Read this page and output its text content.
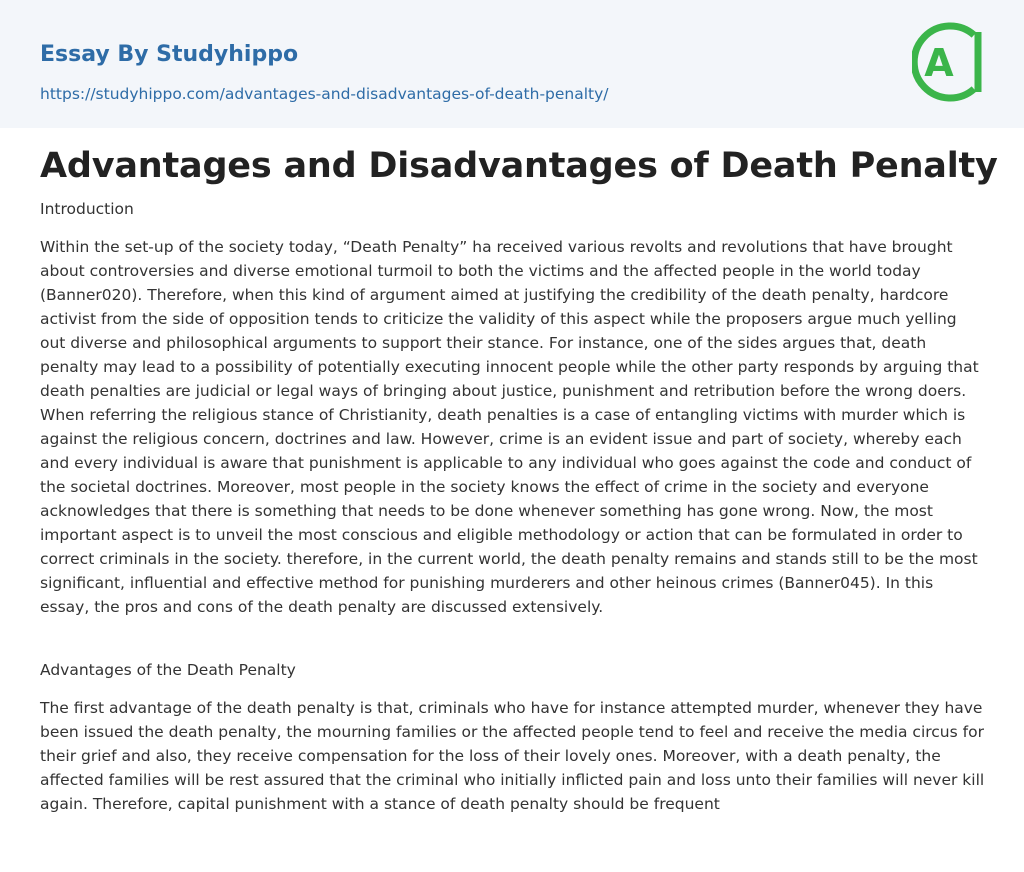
Essay By Studyhippo
https://studyhippo.com/advantages-and-disadvantages-of-death-penalty/
A
Advantages and Disadvantages of Death Penalty
Introduction

Within the set-up of the society today, “Death Penalty” ha received various revolts and revolutions that have brought about controversies and diverse emotional turmoil to both the victims and the affected people in the world today (Banner020). Therefore, when this kind of argument aimed at justifying the credibility of the death penalty, hardcore activist from the side of opposition tends to criticize the validity of this aspect while the proposers argue much yelling out diverse and philosophical arguments to support their stance. For instance, one of the sides argues that, death penalty may lead to a possibility of potentially executing innocent people while the other party responds by arguing that death penalties are judicial or legal ways of bringing about justice, punishment and retribution before the wrong doers. When referring the religious stance of Christianity, death penalties is a case of entangling victims with murder which is against the religious concern, doctrines and law. However, crime is an evident issue and part of society, whereby each and every individual is aware that punishment is applicable to any individual who goes against the code and conduct of the societal doctrines. Moreover, most people in the society knows the effect of crime in the society and everyone acknowledges that there is something that needs to be done whenever something has gone wrong. Now, the most important aspect is to unveil the most conscious and eligible methodology or action that can be formulated in order to correct criminals in the society. therefore, in the current world, the death penalty remains and stands still to be the most significant, influential and effective method for punishing murderers and other heinous crimes (Banner045). In this essay, the pros and cons of the death penalty are discussed extensively.

Advantages of the Death Penalty

The first advantage of the death penalty is that, criminals who have for instance attempted murder, whenever they have been issued the death penalty, the mourning families or the affected people tend to feel and receive the media circus for their grief and also, they receive compensation for the loss of their lovely ones. Moreover, with a death penalty, the affected families will be rest assured that the criminal who initially inflicted pain and loss unto their families will never kill again. Therefore, capital punishment with a stance of death penalty should be frequent
